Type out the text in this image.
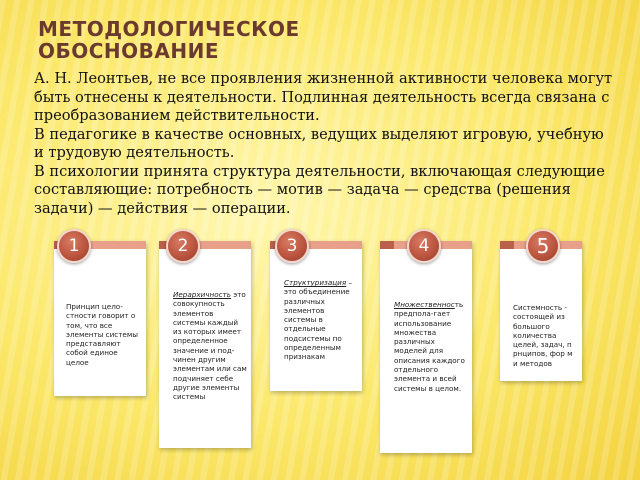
МЕТОДОЛОГИЧЕСКОЕ
ОБОСНОВАНИЕ

А. Н. Леонтьев, не все проявления жизненной активности человека могут быть отнесены к деятельности. Подлинная деятельность всегда связана с преобразованием действительности.

В педагогике в качестве основных, ведущих выделяют игровую, учебную и трудовую деятельность.

В психологии принята структура деятельности, включающая следующие составляющие: потребность — мотив — задача — средства (решения задачи) — действия — операции.

Принцип цело-стности говорит о том, что все элементы системы представляют собой единое целое
1
Иерархичность это совокупность элементов системы каждый из которых имеет определенное значение и под-чинен другим элементам или сам подчиняет себе другие элементы системы
2
Структуризация – это объединение различных элементов системы в отдельные подсистемы по определенным признакам
3
Множественность предпола-гает использование множества различных моделей для описания каждого отдельного элемента и всей системы в целом.
4
Системность - состоящей из большого количества целей, задач, п рнципов, фор м и методов
5
